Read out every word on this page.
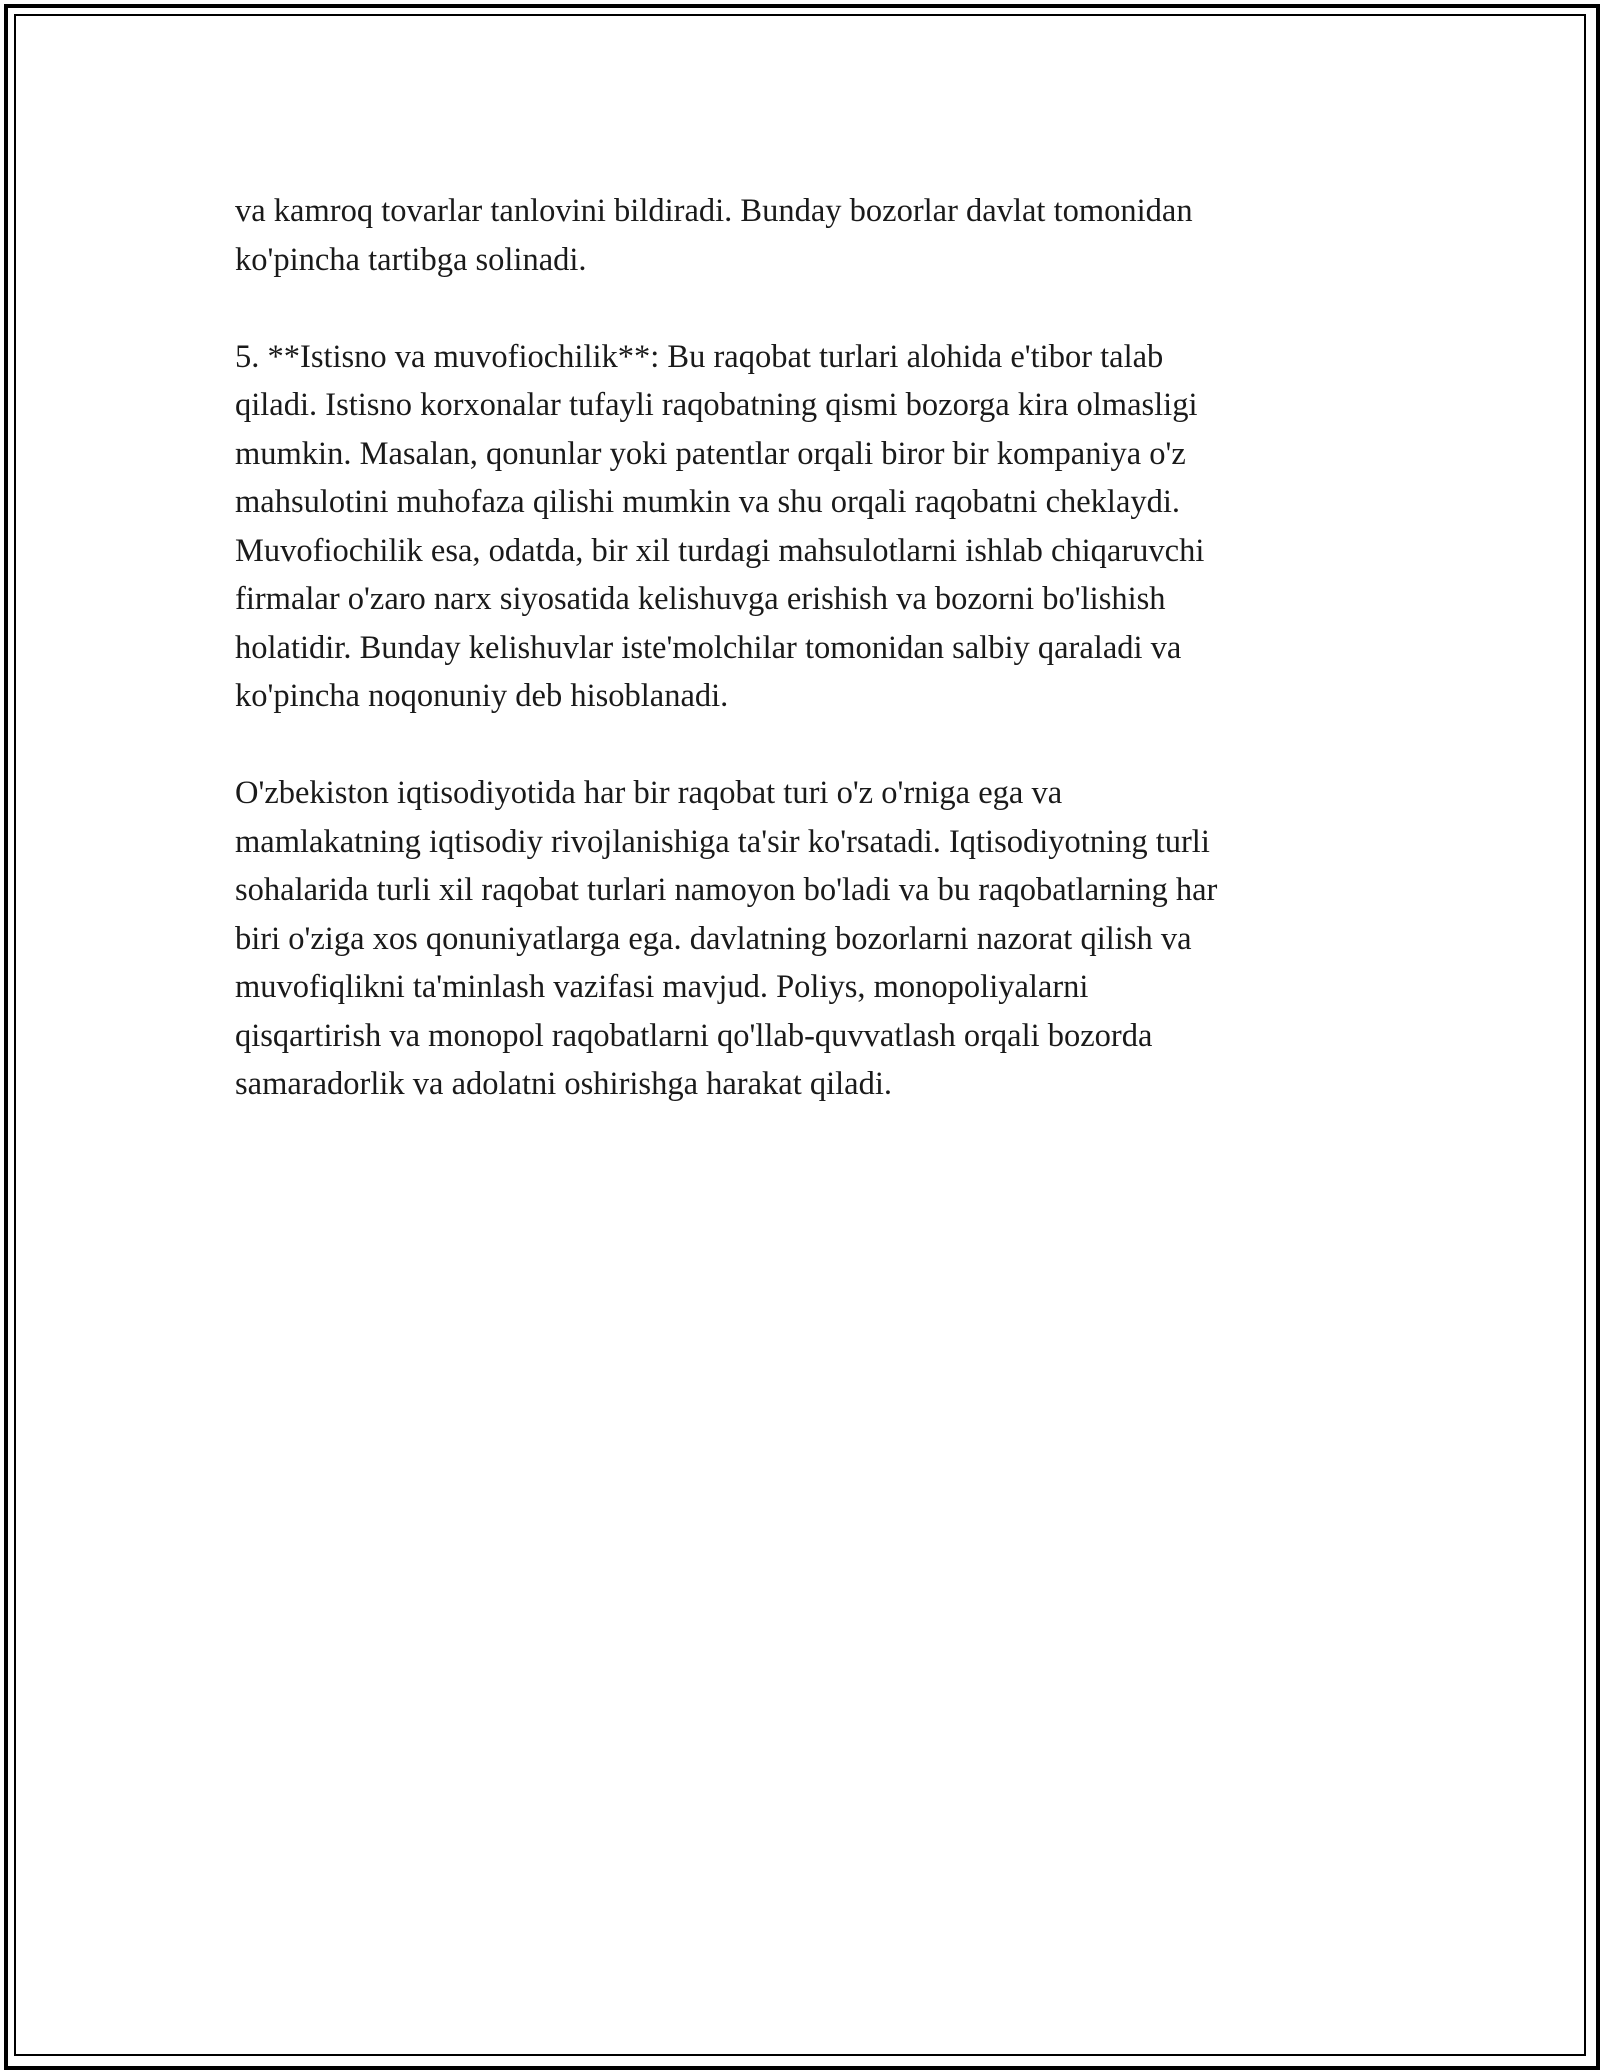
va kamroq tovarlar tanlovini bildiradi. Bunday bozorlar davlat tomonidan
ko'pincha tartibga solinadi.

5. **Istisno va muvofiochilik**: Bu raqobat turlari alohida e'tibor talab
qiladi. Istisno korxonalar tufayli raqobatning qismi bozorga kira olmasligi
mumkin. Masalan, qonunlar yoki patentlar orqali biror bir kompaniya o'z
mahsulotini muhofaza qilishi mumkin va shu orqali raqobatni cheklaydi.
Muvofiochilik esa, odatda, bir xil turdagi mahsulotlarni ishlab chiqaruvchi
firmalar o'zaro narx siyosatida kelishuvga erishish va bozorni bo'lishish
holatidir. Bunday kelishuvlar iste'molchilar tomonidan salbiy qaraladi va
ko'pincha noqonuniy deb hisoblanadi.

O'zbekiston iqtisodiyotida har bir raqobat turi o'z o'rniga ega va
mamlakatning iqtisodiy rivojlanishiga ta'sir ko'rsatadi. Iqtisodiyotning turli
sohalarida turli xil raqobat turlari namoyon bo'ladi va bu raqobatlarning har
biri o'ziga xos qonuniyatlarga ega. davlatning bozorlarni nazorat qilish va
muvofiqlikni ta'minlash vazifasi mavjud. Poliys, monopoliyalarni
qisqartirish va monopol raqobatlarni qo'llab-quvvatlash orqali bozorda
samaradorlik va adolatni oshirishga harakat qiladi.
